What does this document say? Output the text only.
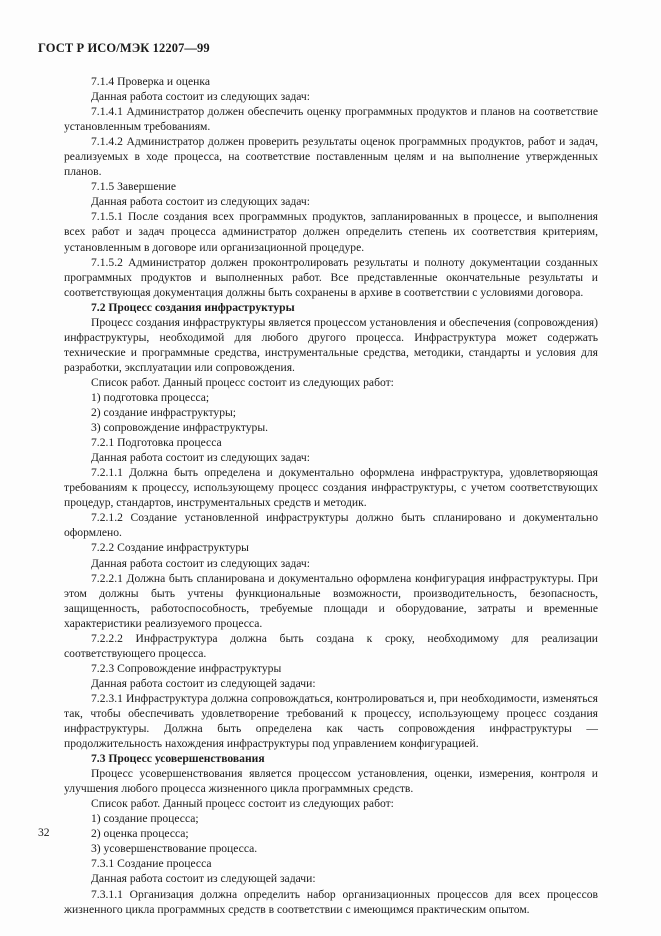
ГОСТ Р ИСО/МЭК 12207—99
7.1.4 Проверка и оценка
Данная работа состоит из следующих задач:
7.1.4.1 Администратор должен обеспечить оценку программных продуктов и планов на соответствие установленным требованиям.
7.1.4.2 Администратор должен проверить результаты оценок программных продуктов, работ и задач, реализуемых в ходе процесса, на соответствие поставленным целям и на выполнение утвержденных планов.
7.1.5 Завершение
Данная работа состоит из следующих задач:
7.1.5.1 После создания всех программных продуктов, запланированных в процессе, и выполнения всех работ и задач процесса администратор должен определить степень их соответствия критериям, установленным в договоре или организационной процедуре.
7.1.5.2 Администратор должен проконтролировать результаты и полноту документации созданных программных продуктов и выполненных работ. Все представленные окончательные результаты и соответствующая документация должны быть сохранены в архиве в соответствии с условиями договора.
7.2 Процесс создания инфраструктуры
Процесс создания инфраструктуры является процессом установления и обеспечения (сопровождения) инфраструктуры, необходимой для любого другого процесса. Инфраструктура может содержать технические и программные средства, инструментальные средства, методики, стандарты и условия для разработки, эксплуатации или сопровождения.
Список работ. Данный процесс состоит из следующих работ:
1) подготовка процесса;
2) создание инфраструктуры;
3) сопровождение инфраструктуры.
7.2.1 Подготовка процесса
Данная работа состоит из следующих задач:
7.2.1.1 Должна быть определена и документально оформлена инфраструктура, удовлетворяющая требованиям к процессу, использующему процесс создания инфраструктуры, с учетом соответствующих процедур, стандартов, инструментальных средств и методик.
7.2.1.2 Создание установленной инфраструктуры должно быть спланировано и документально оформлено.
7.2.2 Создание инфраструктуры
Данная работа состоит из следующих задач:
7.2.2.1 Должна быть спланирована и документально оформлена конфигурация инфраструктуры. При этом должны быть учтены функциональные возможности, производительность, безопасность, защищенность, работоспособность, требуемые площади и оборудование, затраты и временные характеристики реализуемого процесса.
7.2.2.2 Инфраструктура должна быть создана к сроку, необходимому для реализации соответствующего процесса.
7.2.3 Сопровождение инфраструктуры
Данная работа состоит из следующей задачи:
7.2.3.1 Инфраструктура должна сопровождаться, контролироваться и, при необходимости, изменяться так, чтобы обеспечивать удовлетворение требований к процессу, использующему процесс создания инфраструктуры. Должна быть определена как часть сопровождения инфраструктуры — продолжительность нахождения инфраструктуры под управлением конфигурацией.
7.3 Процесс усовершенствования
Процесс усовершенствования является процессом установления, оценки, измерения, контроля и улучшения любого процесса жизненного цикла программных средств.
Список работ. Данный процесс состоит из следующих работ:
1) создание процесса;
2) оценка процесса;
3) усовершенствование процесса.
7.3.1 Создание процесса
Данная работа состоит из следующей задачи:
7.3.1.1 Организация должна определить набор организационных процессов для всех процессов жизненного цикла программных средств в соответствии с имеющимся практическим опытом.
32
